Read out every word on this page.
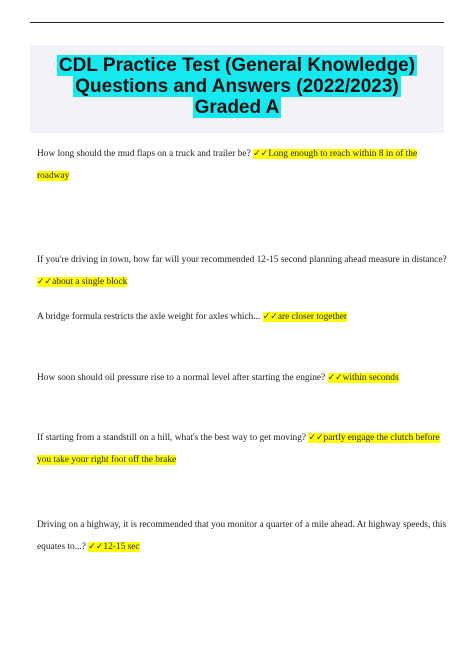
CDL Practice Test (General Knowledge)
Questions and Answers (2022/2023)
Graded A
How long should the mud flaps on a truck and trailer be? ✓✓Long enough to reach within 8 in of the roadway
If you're driving in town, how far will your recommended 12-15 second planning ahead measure in distance? ✓✓about a single block
A bridge formula restricts the axle weight for axles which... ✓✓are closer together
How soon should oil pressure rise to a normal level after starting the engine? ✓✓within seconds
If starting from a standstill on a hill, what's the best way to get moving? ✓✓partly engage the clutch before you take your right foot off the brake
Driving on a highway, it is recommended that you monitor a quarter of a mile ahead. At highway speeds, this equates to...? ✓✓12-15 sec
